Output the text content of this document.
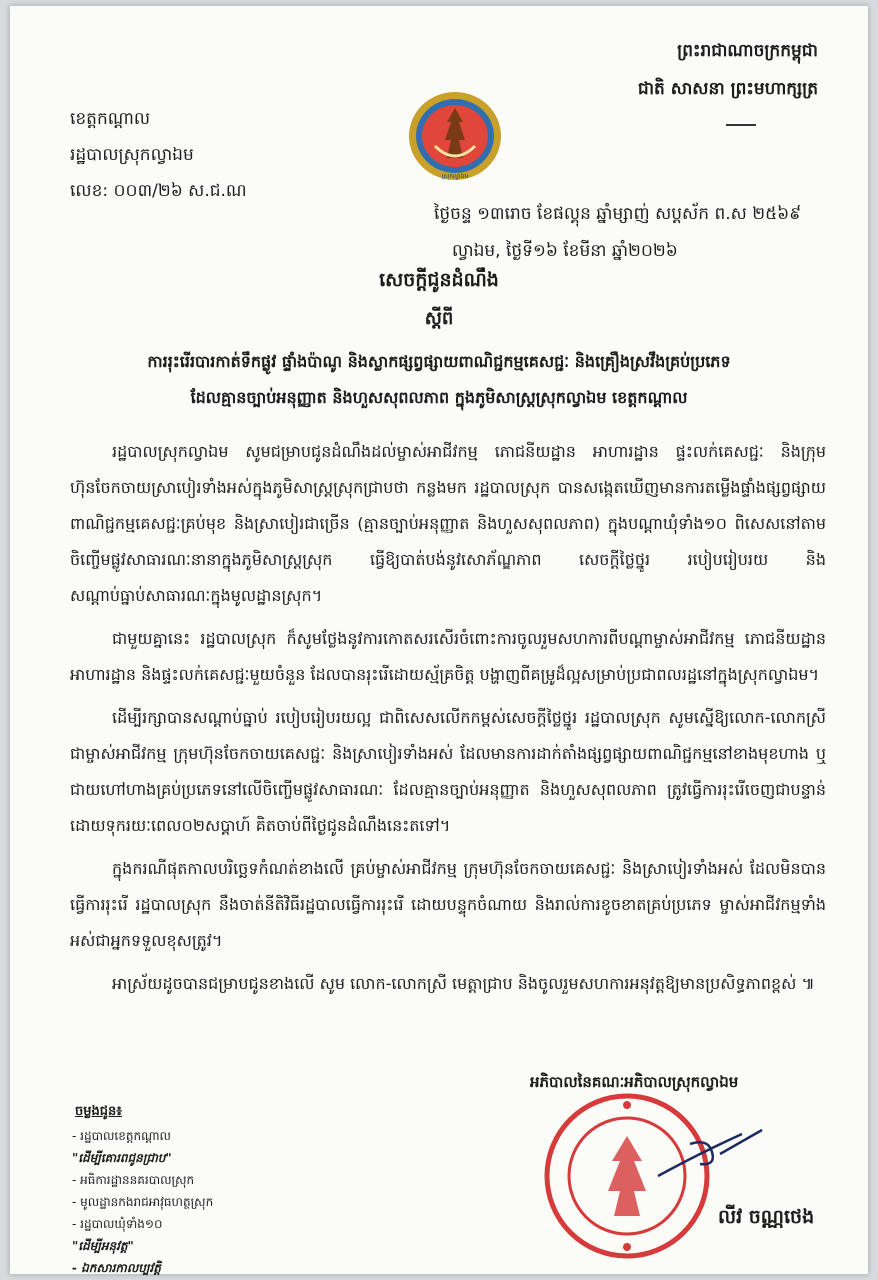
ព្រះរាជាណាចក្រកម្ពុជា
ជាតិ សាសនា ព្រះមហាក្សត្រ
ខេត្តកណ្ដាល
រដ្ឋបាលស្រុកល្វាឯម
លេខ: ០០៣/២៦ ស.ជ.ណ
ស្រុកល្វាឯម
ថ្ងៃចន្ទ ១៣រោច ខែផល្គុន ឆ្នាំម្សាញ់ សប្តស័ក ព.ស ២៥៦៩
ល្វាឯម, ថ្ងៃទី១៦ ខែមីនា ឆ្នាំ២០២៦
សេចក្តីជូនដំណឹង
ស្ដីពី
ការរុះរើរបារកាត់ទឹកផ្លូវ ផ្ទាំងប៉ាណូ និងស្លាកផ្សព្វផ្សាយពាណិជ្ជកម្មគេសជ្ជៈ និងគ្រឿងស្រវឹងគ្រប់ប្រភេទ
ដែលគ្មានច្បាប់អនុញ្ញាត និងហួសសុពលភាព ក្នុងភូមិសាស្ត្រស្រុកល្វាឯម ខេត្តកណ្តាល

រដ្ឋបាលស្រុកល្វាឯម សូមជម្រាបជូនដំណឹងដល់ម្ចាស់អាជីវកម្ម ភោជនីយដ្ឋាន អាហារដ្ឋាន ផ្ទះលក់គេសជ្ជៈ និងក្រុមហ៊ុនចែកចាយស្រាបៀរទាំងអស់ក្នុងភូមិសាស្ត្រស្រុកជ្រាបថា កន្លងមក រដ្ឋបាលស្រុក បានសង្កេតឃើញមានការតម្លើងផ្ទាំងផ្សព្វផ្សាយពាណិជ្ជកម្មគេសជ្ជៈគ្រប់មុខ និងស្រាបៀរជាច្រើន (គ្មានច្បាប់អនុញ្ញាត និងហួសសុពលភាព) ក្នុងបណ្តាឃុំទាំង១០ ពិសេសនៅតាមចិញ្ចើមផ្លូវសាធារណៈនានាក្នុងភូមិសាស្ត្រស្រុក ធ្វើឱ្យបាត់បង់នូវសោភ័ណ្ឌភាព សេចក្តីថ្លៃថ្នូរ របៀបរៀបរយ និងសណ្តាប់ធ្នាប់សាធារណៈក្នុងមូលដ្ឋានស្រុក។

ជាមួយគ្នានេះ រដ្ឋបាលស្រុក ក៏សូមថ្លែងនូវការកោតសរសើរចំពោះការចូលរួមសហការពីបណ្តាម្ចាស់អាជីវកម្ម ភោជនីយដ្ឋាន អាហារដ្ឋាន និងផ្ទះលក់គេសជ្ជៈមួយចំនួន ដែលបានរុះរើដោយស្ម័គ្រចិត្ត បង្ហាញពីគម្រូដ៏ល្អសម្រាប់ប្រជាពលរដ្ឋនៅក្នុងស្រុកល្វាឯម។

ដើម្បីរក្សាបានសណ្តាប់ធ្នាប់ របៀបរៀបរយល្អ ជាពិសេសលើកកម្ពស់សេចក្តីថ្លៃថ្នូរ រដ្ឋបាលស្រុក សូមស្នើឱ្យលោក-លោកស្រី ជាម្ចាស់អាជីវកម្ម ក្រុមហ៊ុនចែកចាយគេសជ្ជៈ និងស្រាបៀរទាំងអស់ ដែលមានការដាក់តាំងផ្សព្វផ្សាយពាណិជ្ជកម្មនៅខាងមុខហាង ឬជាយហៅហាងគ្រប់ប្រភេទនៅលើចិញ្ចើមផ្លូវសាធារណៈ ដែលគ្មានច្បាប់អនុញ្ញាត និងហួសសុពលភាព ត្រូវធ្វើការរុះរើចេញជាបន្ទាន់ ដោយទុករយៈពេល០២សប្តាហ៍ គិតចាប់ពីថ្ងៃជូនដំណឹងនេះតទៅ។

ក្នុងករណីផុតកាលបរិច្ឆេទកំណត់ខាងលើ គ្រប់ម្ចាស់អាជីវកម្ម ក្រុមហ៊ុនចែកចាយគេសជ្ជៈ និងស្រាបៀរទាំងអស់ ដែលមិនបានធ្វើការរុះរើ រដ្ឋបាលស្រុក នឹងចាត់នីតិវិធីរដ្ឋបាលធ្វើការរុះរើ ដោយបន្ទុកចំណាយ និងរាល់ការខូចខាតគ្រប់ប្រភេទ ម្ចាស់អាជីវកម្មទាំងអស់ជាអ្នកទទួលខុសត្រូវ។

អាស្រ័យដូចបានជម្រាបជូនខាងលើ សូម លោក-លោកស្រី មេត្តាជ្រាប និងចូលរួមសហការអនុវត្តឱ្យមានប្រសិទ្ធភាពខ្ពស់ ៕

អភិបាលនៃគណៈអភិបាលស្រុកល្វាឯម
លីវ ចណ្ណថេង
ចម្លងជូន៖
- រដ្ឋបាលខេត្តកណ្តាល
"ដើម្បីគោរពជូនជ្រាប"
- អធិការដ្ឋាននគរបាលស្រុក
- មូលដ្ឋានកងរាជអាវុធហត្ថស្រុក
- រដ្ឋបាលឃុំទាំង១០
"ដើម្បីអនុវត្ត"
- ឯកសារកាលប្បវត្តិ
